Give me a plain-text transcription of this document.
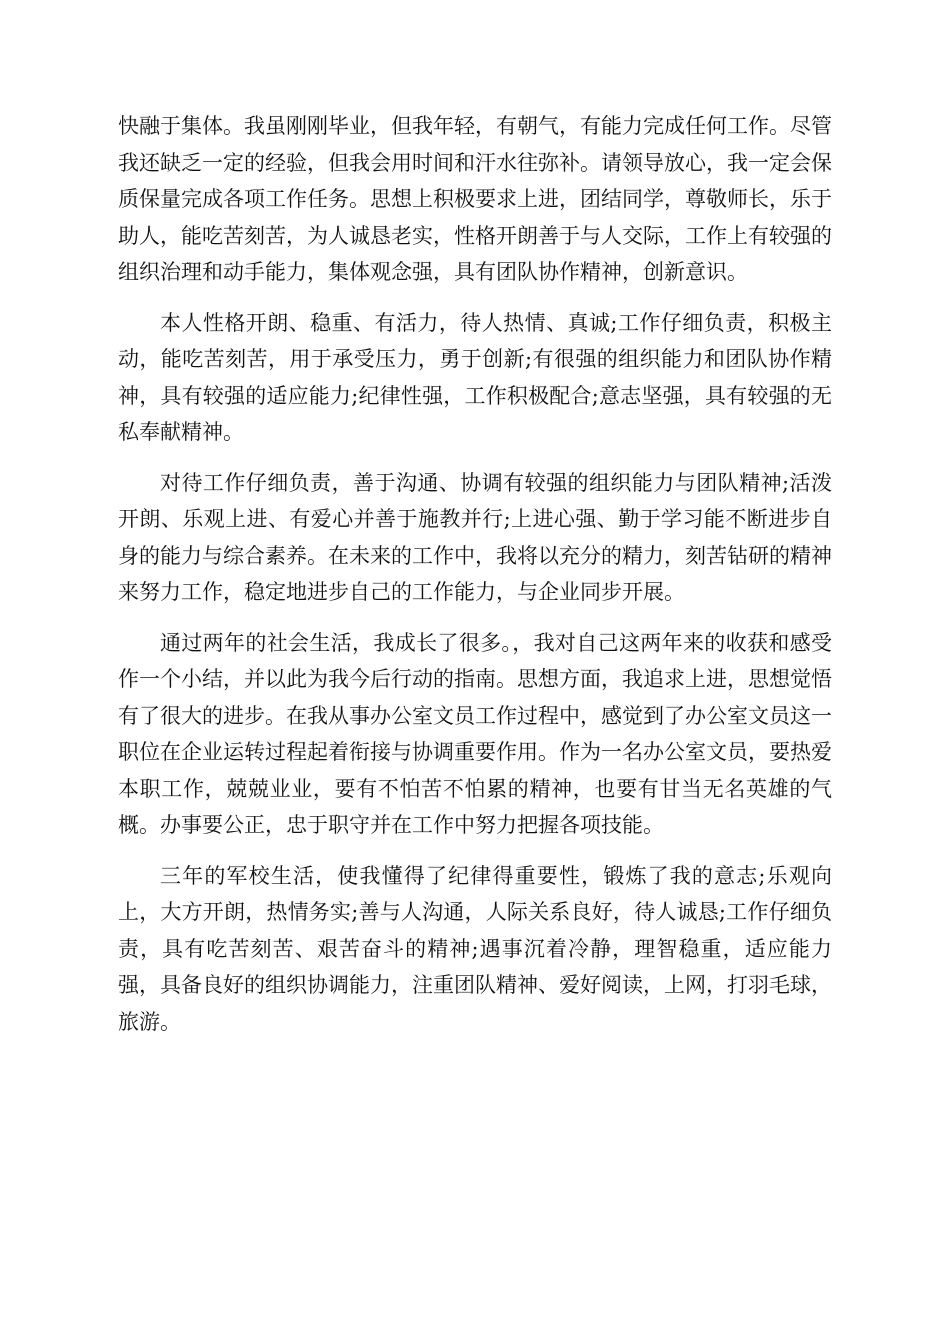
快融于集体。我虽刚刚毕业，但我年轻，有朝气，有能力完成任何工作。尽管我还缺乏一定的经验，但我会用时间和汗水往弥补。请领导放心，我一定会保质保量完成各项工作任务。思想上积极要求上进，团结同学，尊敬师长，乐于助人，能吃苦刻苦，为人诚恳老实，性格开朗善于与人交际，工作上有较强的组织治理和动手能力，集体观念强，具有团队协作精神，创新意识。

本人性格开朗、稳重、有活力，待人热情、真诚;工作仔细负责，积极主动，能吃苦刻苦，用于承受压力，勇于创新;有很强的组织能力和团队协作精神，具有较强的适应能力;纪律性强，工作积极配合;意志坚强，具有较强的无私奉献精神。

对待工作仔细负责，善于沟通、协调有较强的组织能力与团队精神;活泼开朗、乐观上进、有爱心并善于施教并行;上进心强、勤于学习能不断进步自身的能力与综合素养。在未来的工作中，我将以充分的精力，刻苦钻研的精神来努力工作，稳定地进步自己的工作能力，与企业同步开展。

通过两年的社会生活，我成长了很多。，我对自己这两年来的收获和感受作一个小结，并以此为我今后行动的指南。思想方面，我追求上进，思想觉悟有了很大的进步。在我从事办公室文员工作过程中，感觉到了办公室文员这一职位在企业运转过程起着衔接与协调重要作用。作为一名办公室文员，要热爱本职工作，兢兢业业，要有不怕苦不怕累的精神，也要有甘当无名英雄的气概。办事要公正，忠于职守并在工作中努力把握各项技能。

三年的军校生活，使我懂得了纪律得重要性，锻炼了我的意志;乐观向上，大方开朗，热情务实;善与人沟通，人际关系良好，待人诚恳;工作仔细负责，具有吃苦刻苦、艰苦奋斗的精神;遇事沉着冷静，理智稳重，适应能力强，具备良好的组织协调能力，注重团队精神、爱好阅读，上网，打羽毛球，旅游。
